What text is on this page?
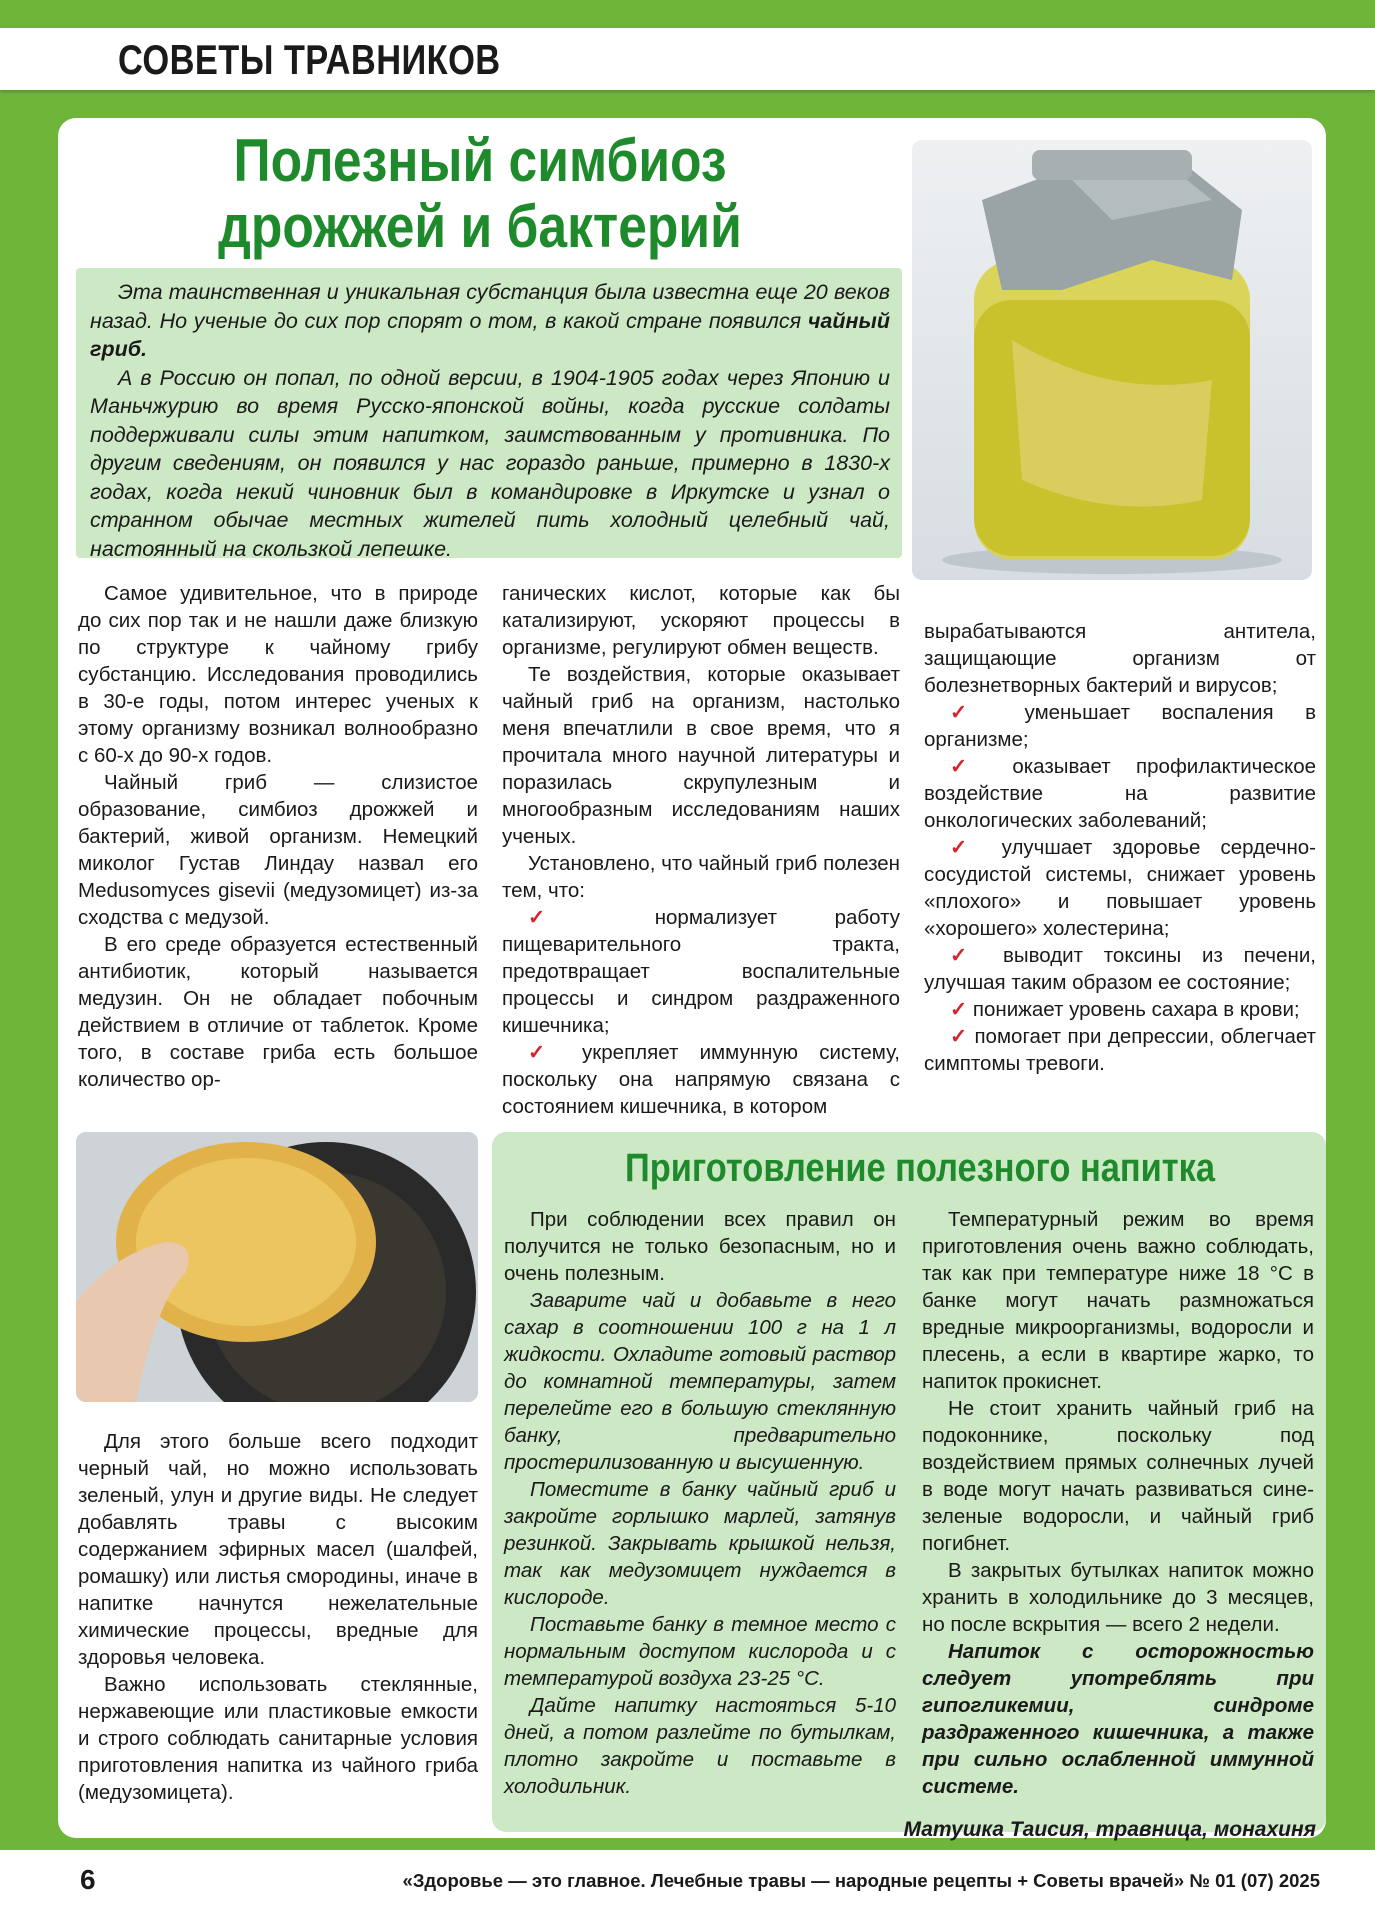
СОВЕТЫ ТРАВНИКОВ
Полезный симбиоз дрожжей и бактерий

Эта таинственная и уникальная субстанция была известна еще 20 веков назад. Но ученые до сих пор спорят о том, в какой стране появился чайный гриб.

А в Россию он попал, по одной версии, в 1904-1905 годах через Японию и Маньчжурию во время Русско-японской войны, когда русские солдаты поддерживали силы этим напитком, заимствованным у противника. По другим сведениям, он появился у нас гораздо раньше, примерно в 1830-х годах, когда некий чиновник был в командировке в Иркутске и узнал о странном обычае местных жителей пить холодный целебный чай, настоянный на скользкой лепешке.

Самое удивительное, что в природе до сих пор так и не нашли даже близкую по структуре к чайному грибу субстанцию. Исследования проводились в 30-е годы, потом интерес ученых к этому организму возникал волнообразно с 60-х до 90-х годов.

Чайный гриб — слизистое образование, симбиоз дрожжей и бактерий, живой организм. Немецкий миколог Густав Линдау назвал его Medusomyces gisevii (медузомицет) из-за сходства с медузой.

В его среде образуется естественный антибиотик, который называется медузин. Он не обладает побочным действием в отличие от таблеток. Кроме того, в составе гриба есть большое количество ор-

ганических кислот, которые как бы катализируют, ускоряют процессы в организме, регулируют обмен веществ.

Те воздействия, которые оказывает чайный гриб на организм, настолько меня впечатлили в свое время, что я прочитала много научной литературы и поразилась скрупулезным и многообразным исследованиям наших ученых.

Установлено, что чайный гриб полезен тем, что:

✓	нормализует работу пищеварительного тракта, предотвращает воспалительные процессы и синдром раздраженного кишечника;

✓ укрепляет иммунную систему, поскольку она напрямую связана с состоянием кишечника, в котором

вырабатываются антитела, защищающие организм от болезнетворных бактерий и вирусов;

✓ уменьшает воспаления в организме;

✓ оказывает профилактическое воздействие на развитие онкологических заболеваний;

✓ улучшает здоровье сердечно-сосудистой системы, снижает уровень «плохого» и повышает уровень «хорошего» холестерина;

✓ выводит токсины из печени, улучшая таким образом ее состояние;

✓ понижает уровень сахара в крови;

✓ помогает при депрессии, облегчает симптомы тревоги.

Приготовление полезного напитка

Для этого больше всего подходит черный чай, но можно использовать зеленый, улун и другие виды. Не следует добавлять травы с высоким содержанием эфирных масел (шалфей, ромашку) или листья смородины, иначе в напитке начнутся нежелательные химические процессы, вредные для здоровья человека.

Важно использовать стеклянные, нержавеющие или пластиковые емкости и строго соблюдать санитарные условия приготовления напитка из чайного гриба (медузомицета).

При соблюдении всех правил он получится не только безопасным, но и очень полезным.

Заварите чай и добавьте в него сахар в соотношении 100 г на 1 л жидкости. Охладите готовый раствор до комнатной температуры, затем перелейте его в большую стеклянную банку, предварительно простерилизованную и высушенную.

Поместите в банку чайный гриб и закройте горлышко марлей, затянув резинкой. Закрывать крышкой нельзя, так как медузомицет нуждается в кислороде.

Поставьте банку в темное место с нормальным доступом кислорода и с температурой воздуха 23-25 °С.

Дайте напитку настояться 5-10 дней, а потом разлейте по бутылкам, плотно закройте и поставьте в холодильник.

Температурный режим во время приготовления очень важно соблюдать, так как при температуре ниже 18 °С в банке могут начать размножаться вредные микроорганизмы, водоросли и плесень, а если в квартире жарко, то напиток прокиснет.

Не стоит хранить чайный гриб на подоконнике, поскольку под воздействием прямых солнечных лучей в воде могут начать развиваться сине-зеленые водоросли, и чайный гриб погибнет.

В закрытых бутылках напиток можно хранить в холодильнике до 3 месяцев, но после вскрытия — всего 2 недели.

Напиток с осторожностью следует употреблять при гипогликемии, синдроме раздраженного кишечника, а также при сильно ослабленной иммунной системе.

Матушка Таисия, травница, монахиня
6	«Здоровье — это главное. Лечебные травы — народные рецепты + Советы врачей» № 01 (07) 2025
